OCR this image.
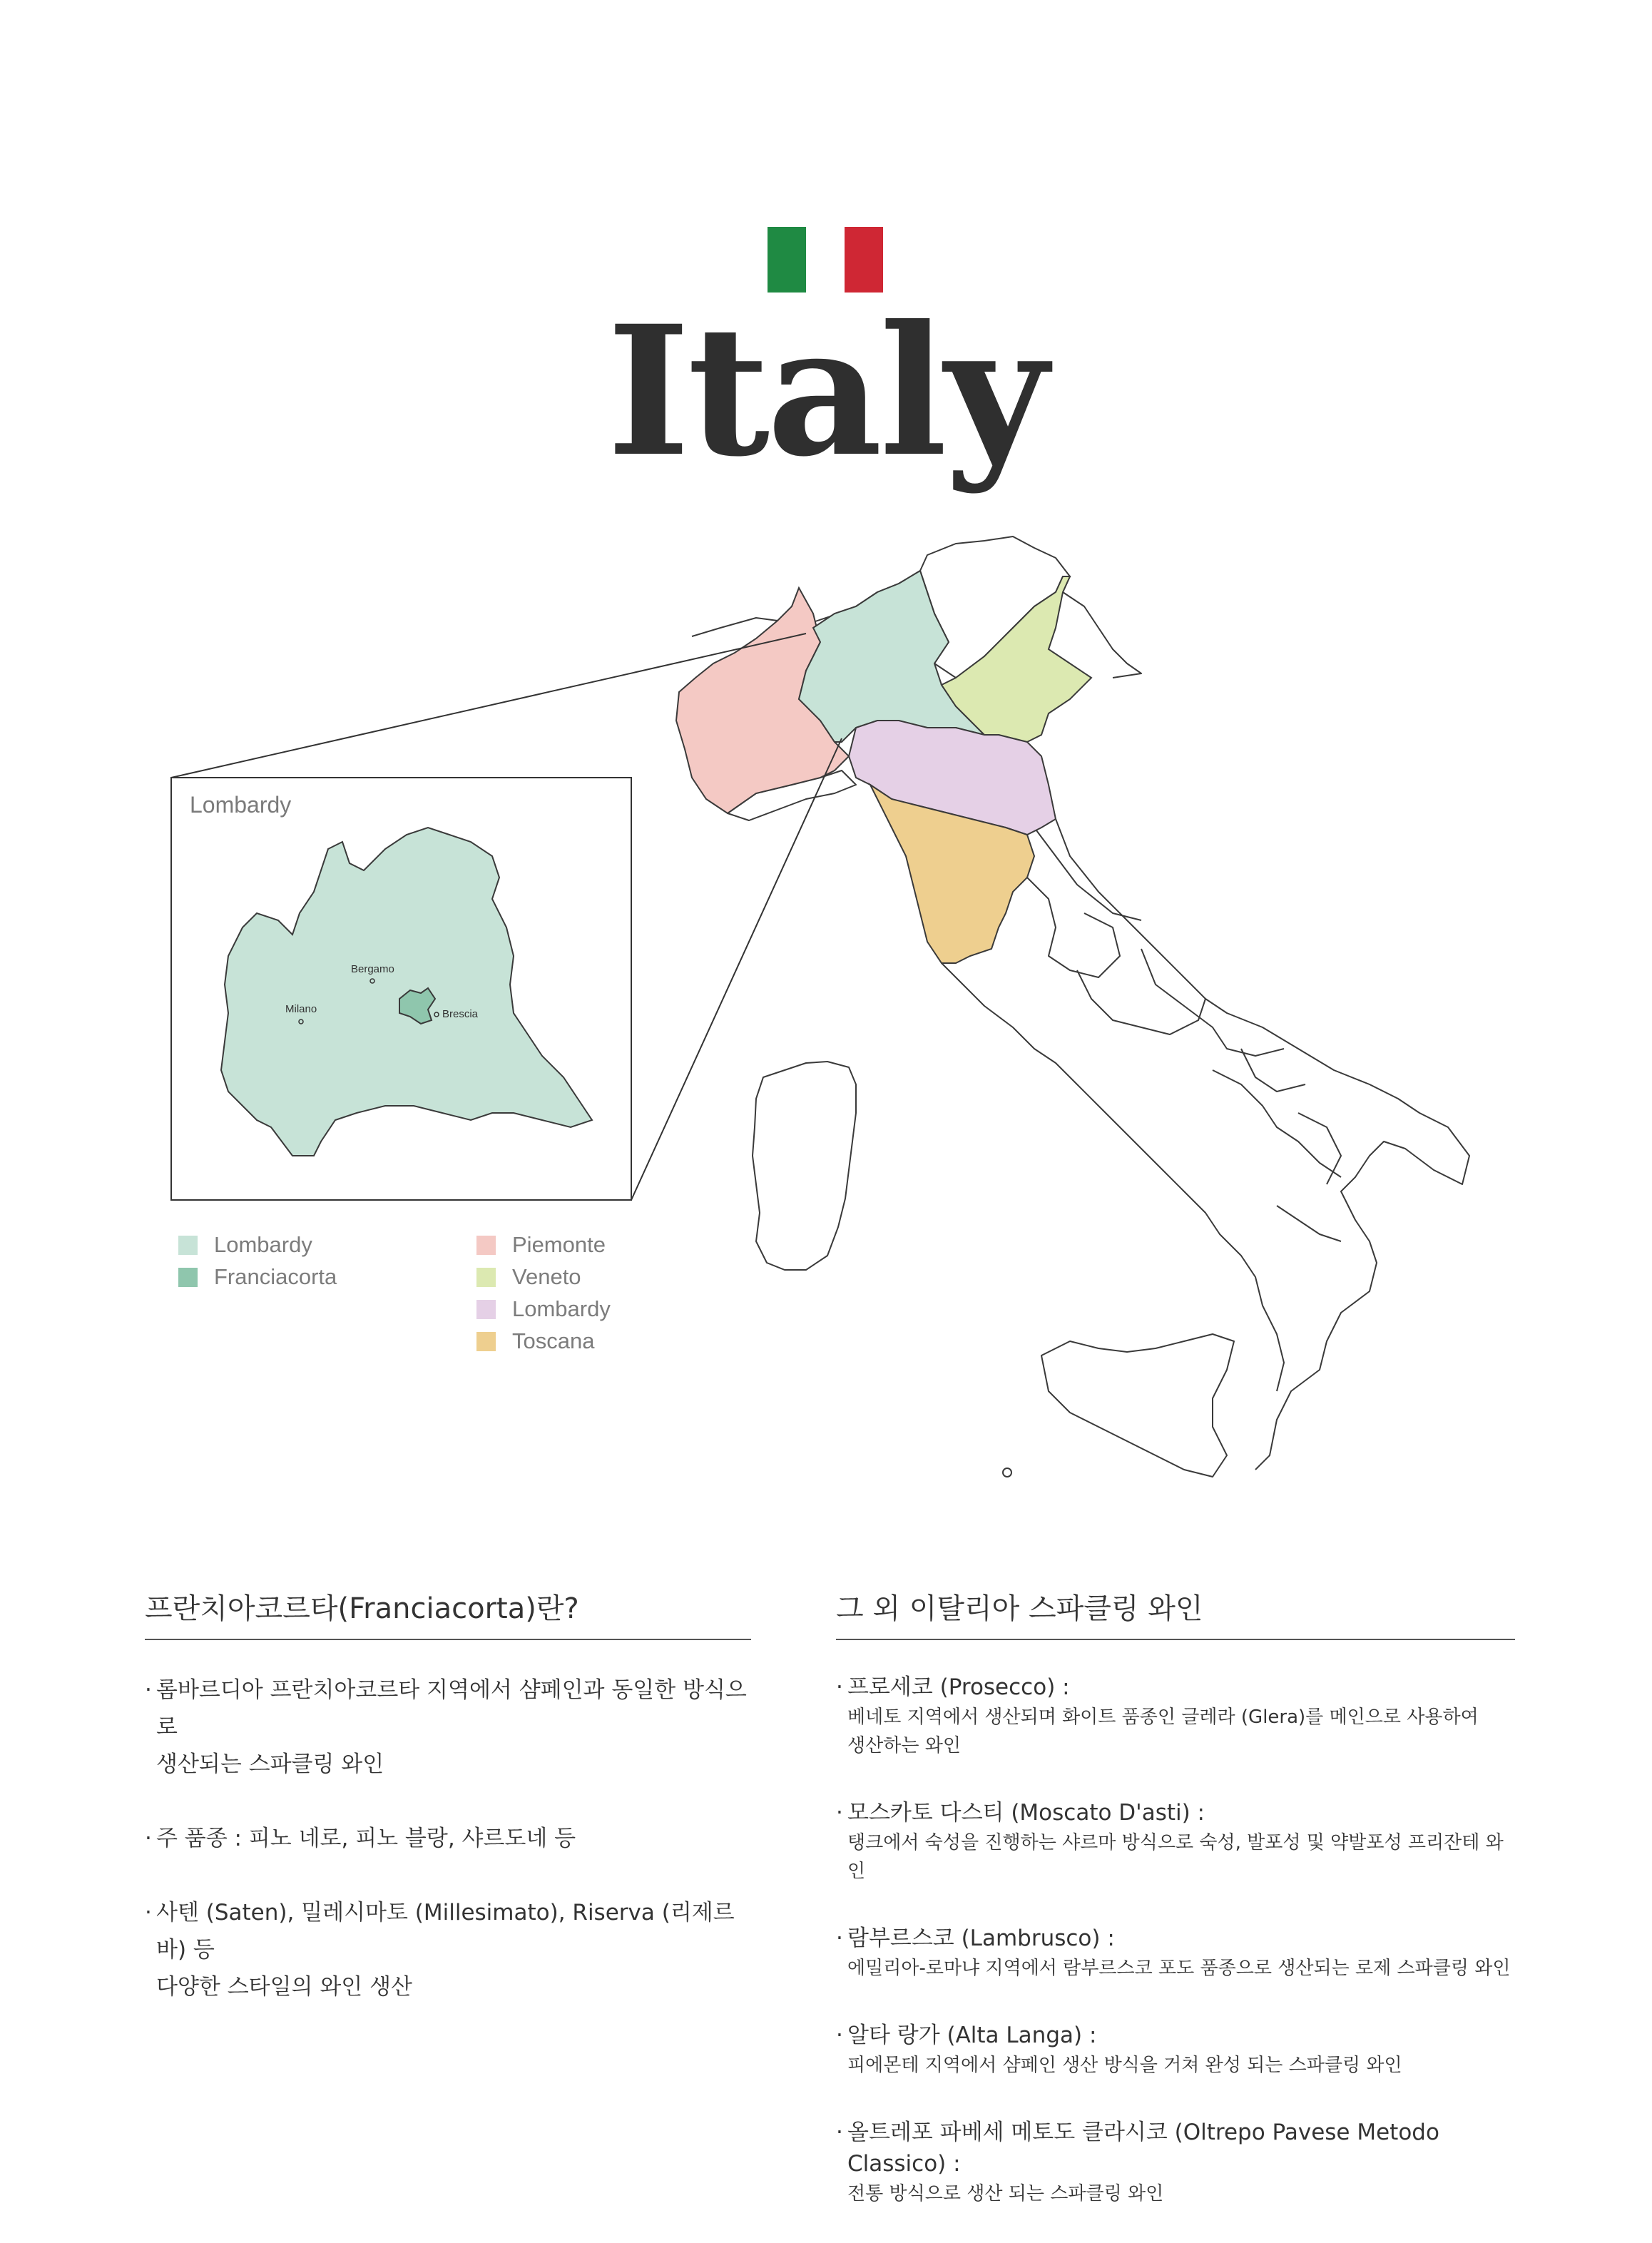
Italy
Lombardy
Bergamo
Milano	Brescia
Lombardy
Franciacorta
Piemonte
Veneto
Lombardy
Toscana
프란치아코르타(Franciacorta)란?
· 롬바르디아 프란치아코르타 지역에서 샴페인과 동일한 방식으로
생산되는 스파클링 와인
· 주 품종 : 피노 네로, 피노 블랑, 샤르도네 등
· 사텐 (Saten), 밀레시마토 (Millesimato), Riserva (리제르바) 등
다양한 스타일의 와인 생산
그 외 이탈리아 스파클링 와인
· 프로세코 (Prosecco) :
베네토 지역에서 생산되며 화이트 품종인 글레라 (Glera)를 메인으로 사용하여
생산하는 와인
· 모스카토 다스티 (Moscato D'asti) :
탱크에서 숙성을 진행하는 샤르마 방식으로 숙성, 발포성 및 약발포성 프리잔테 와인
· 람부르스코 (Lambrusco) :
에밀리아-로마냐 지역에서 람부르스코 포도 품종으로 생산되는 로제 스파클링 와인
· 알타 랑가 (Alta Langa) :
피에몬테 지역에서 샴페인 생산 방식을 거쳐 완성 되는 스파클링 와인
· 올트레포 파베세 메토도 클라시코 (Oltrepo Pavese Metodo Classico) :
전통 방식으로 생산 되는 스파클링 와인
